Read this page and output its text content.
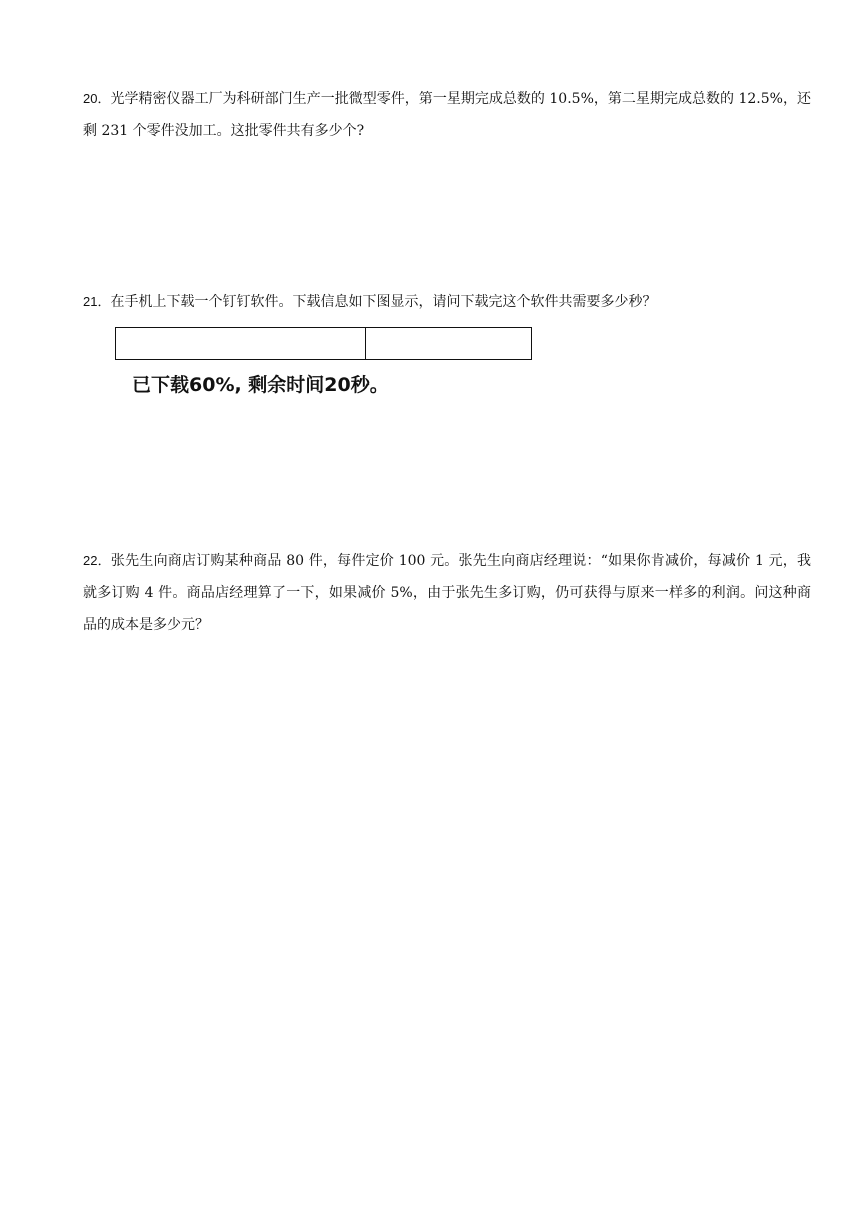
20．光学精密仪器工厂为科研部门生产一批微型零件，第一星期完成总数的 10.5%，第二星期完成总数的 12.5%，还剩 231 个零件没加工。这批零件共有多少个?
21．在手机上下载一个钉钉软件。下载信息如下图显示，请问下载完这个软件共需要多少秒？
已下载60%, 剩余时间20秒。
22．张先生向商店订购某种商品 80 件，每件定价 100 元。张先生向商店经理说：“如果你肯减价，每减价 1 元，我就多订购 4 件。商品店经理算了一下，如果减价 5%，由于张先生多订购，仍可获得与原来一样多的利润。问这种商品的成本是多少元？
